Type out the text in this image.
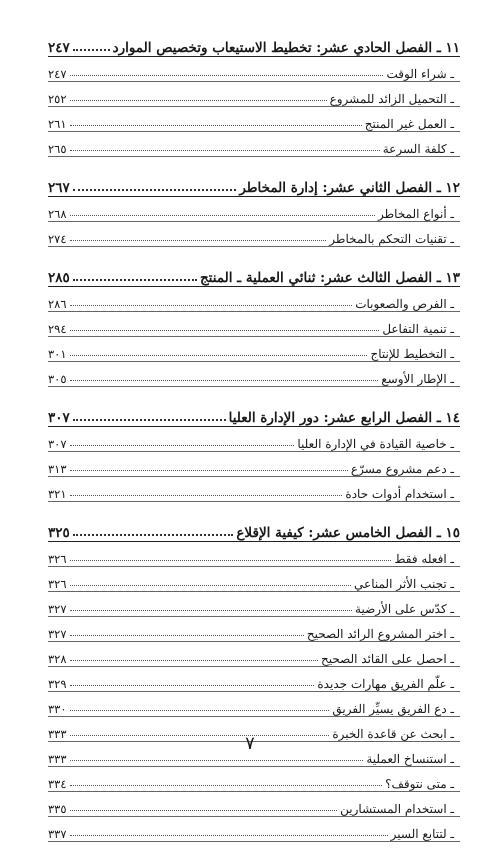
١١ ـ الفصل الحادي عشر: تخطيط الاستيعاب وتخصيص الموارد
٢٤٧
ـ شراء الوقت
٢٤٧
ـ التحميل الزائد للمشروع
٢٥٢
ـ العمل غير المنتج
٢٦١
ـ كلفة السرعة
٢٦٥
١٢ ـ الفصل الثاني عشر: إدارة المخاطر
٢٦٧
ـ أنواع المخاطر
٢٦٨
ـ تقنيات التحكم بالمخاطر
٢٧٤
١٣ ـ الفصل الثالث عشر: ثنائي العملية ـ المنتج
٢٨٥
ـ الفرص والصعوبات
٢٨٦
ـ تنمية التفاعل
٢٩٤
ـ التخطيط للإنتاج
٣٠١
ـ الإطار الأوسع
٣٠٥
١٤ ـ الفصل الرابع عشر: دور الإدارة العليا
٣٠٧
ـ خاصية القيادة في الإدارة العليا
٣٠٧
ـ دعم مشروع مسرّع
٣١٣
ـ استخدام أدوات حادة
٣٢١
١٥ ـ الفصل الخامس عشر: كيفية الإقلاع
٣٢٥
ـ افعله فقط
٣٢٦
ـ تجنب الأثر المناعي
٣٢٦
ـ كدّس على الأرضية
٣٢٧
ـ اختر المشروع الرائد الصحيح
٣٢٧
ـ احصل على القائد الصحيح
٣٢٨
ـ علّم الفريق مهارات جديدة
٣٢٩
ـ دع الفريق يسيِّر الفريق
٣٣٠
ـ ابحث عن قاعدة الخبرة
٣٣٣
ـ استنساخ العملية
٣٣٣
ـ متى نتوقف؟
٣٣٤
ـ استخدام المستشارين
٣٣٥
ـ لتتابع السير
٣٣٧
٧
